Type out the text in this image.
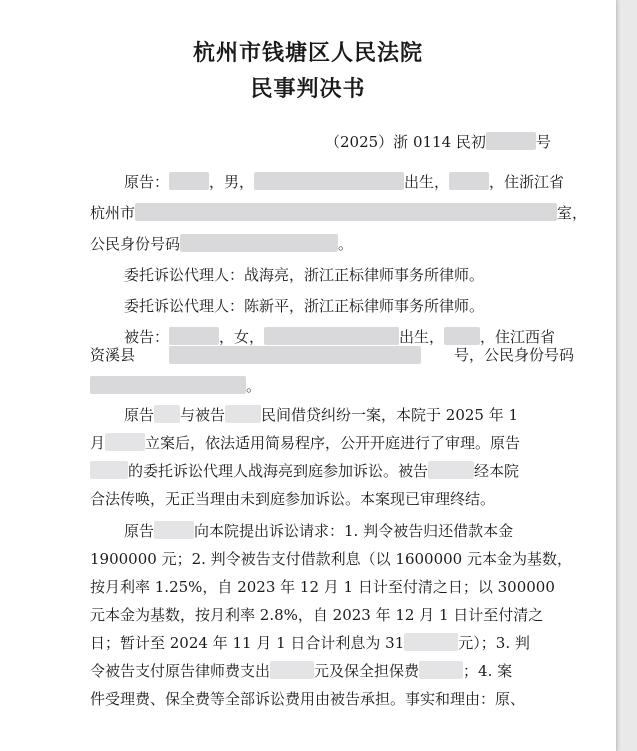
杭州市钱塘区人民法院
民事判决书
（2025）浙 0114 民初	号
原告：	，男，	出生，	，住浙江省
杭州市	室，
公民身份号码	。
委托诉讼代理人：战海亮，浙江正标律师事务所律师。
委托诉讼代理人：陈新平，浙江正标律师事务所律师。
被告：	，女，	出生， ，住江西省
资溪县	号，公民身份号码
。
原告 与被告 民间借贷纠纷一案，本院于 2025 年 1
月	立案后，依法适用简易程序，公开开庭进行了审理。原告
的委托诉讼代理人战海亮到庭参加诉讼。被告	经本院
合法传唤，无正当理由未到庭参加诉讼。本案现已审理终结。
原告	向本院提出诉讼请求：1. 判令被告归还借款本金
1900000 元；2. 判令被告支付借款利息（以 1600000 元本金为基数，
按月利率 1.25%，自 2023 年 12 月 1 日计至付清之日；以 300000
元本金为基数，按月利率 2.8%，自 2023 年 12 月 1 日计至付清之
日；暂计至 2024 年 11 月 1 日合计利息为 31	元）；3. 判
令被告支付原告律师费支出	元及保全担保费	；4. 案
件受理费、保全费等全部诉讼费用由被告承担。事实和理由：原、
